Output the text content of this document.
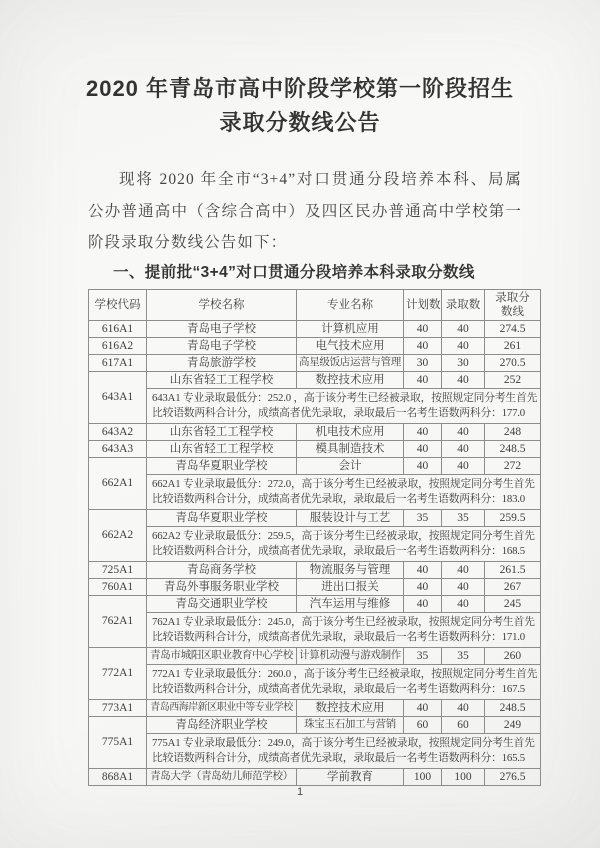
2020 年青岛市高中阶段学校第一阶段招生
录取分数线公告

现将 2020 年全市“3+4”对口贯通分段培养本科、局属公办普通高中（含综合高中）及四区民办普通高中学校第一阶段录取分数线公告如下：

一、提前批“3+4”对口贯通分段培养本科录取分数线
学校代码	学校名称	专业名称	计划数	录取数	录取分数线
616A1	青岛电子学校	计算机应用	40	40	274.5
616A2	青岛电子学校	电气技术应用	40	40	261
617A1	青岛旅游学校	高星级饭店运营与管理	30	30	270.5
643A1	山东省轻工工程学校	数控技术应用	40	40	252

	643A1 专业录取最低分：252.0 ，高于该分考生已经被录取，按照规定同分考生首先
比较语数两科合计分，成绩高者优先录取，录取最后一名考生语数两科分：177.0				

643A2	山东省轻工工程学校	机电技术应用	40	40	248
643A3	山东省轻工工程学校	模具制造技术	40	40	248.5
662A1	青岛华夏职业学校	会计	40	40	272

	662A1 专业录取最低分：272.0，高于该分考生已经被录取，按照规定同分考生首先
比较语数两科合计分，成绩高者优先录取，录取最后一名考生语数两科分：183.0				

662A2	青岛华夏职业学校	服装设计与工艺	35	35	259.5

	662A2 专业录取最低分：259.5，高于该分考生已经被录取，按照规定同分考生首先
比较语数两科合计分，成绩高者优先录取，录取最后一名考生语数两科分：168.5				

725A1	青岛商务学校	物流服务与管理	40	40	261.5
760A1	青岛外事服务职业学校	进出口报关	40	40	267
762A1	青岛交通职业学校	汽车运用与维修	40	40	245

	762A1 专业录取最低分：245.0，高于该分考生已经被录取，按照规定同分考生首先
比较语数两科合计分，成绩高者优先录取，录取最后一名考生语数两科分：171.0				

772A1	青岛市城阳区职业教育中心学校	计算机动漫与游戏制作	35	35	260

	772A1 专业录取最低分：260.0 ，高于该分考生已经被录取，按照规定同分考生首先
比较语数两科合计分，成绩高者优先录取，录取最后一名考生语数两科分：167.5				

773A1	青岛西海岸新区职业中等专业学校	数控技术应用	40	40	248.5
775A1	青岛经济职业学校	珠宝玉石加工与营销	60	60	249

	775A1 专业录取最低分：249.0，高于该分考生已经被录取，按照规定同分考生首先
比较语数两科合计分，成绩高者优先录取，录取最后一名考生语数两科分：165.5				

868A1	青岛大学（青岛幼儿师范学校）	学前教育	100	100	276.5
1
